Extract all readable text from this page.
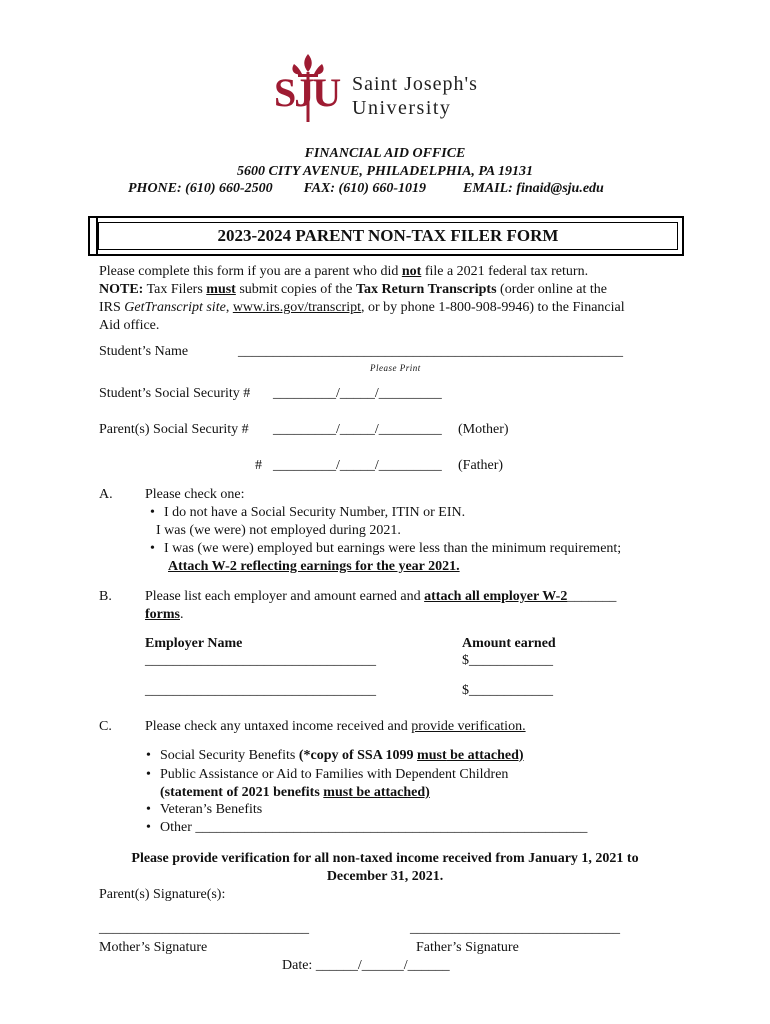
SJU Saint Joseph's
University
FINANCIAL AID OFFICE
5600 CITY AVENUE, PHILADELPHIA, PA 19131
PHONE: (610) 660-2500 FAX: (610) 660-1019	EMAIL: finaid@sju.edu
2023-2024 PARENT NON-TAX FILER FORM
Please complete this form if you are a parent who did not file a 2021 federal tax return.
NOTE: Tax Filers must submit copies of the Tax Return Transcripts (order online at the
IRS GetTranscript site, www.irs.gov/transcript, or by phone 1-800-908-9946) to the Financial
Aid office.
Student’s Name	_______________________________________________________
Please Print
Student’s Social Security # _________/_____/_________
Parent(s) Social Security # _________/_____/_________ (Mother)
# _________/_____/_________ (Father)
A. Please check one:
• I do not have a Social Security Number, ITIN or EIN.
I was (we were) not employed during 2021.
• I was (we were) employed but earnings were less than the minimum requirement;
Attach W-2 reflecting earnings for the year 2021.
B. Please list each employer and amount earned and attach all employer W-2_______
forms.
Employer Name	Amount earned
_________________________________	$____________
_________________________________	$____________
C. Please check any untaxed income received and provide verification.
• Social Security Benefits (*copy of SSA 1099 must be attached)
• Public Assistance or Aid to Families with Dependent Children
(statement of 2021 benefits must be attached)
• Veteran’s Benefits
• Other ________________________________________________________
Please provide verification for all non-taxed income received from January 1, 2021 to
December 31, 2021.
Parent(s) Signature(s):
______________________________	______________________________
Mother’s Signature	Father’s Signature
Date: ______/______/______
